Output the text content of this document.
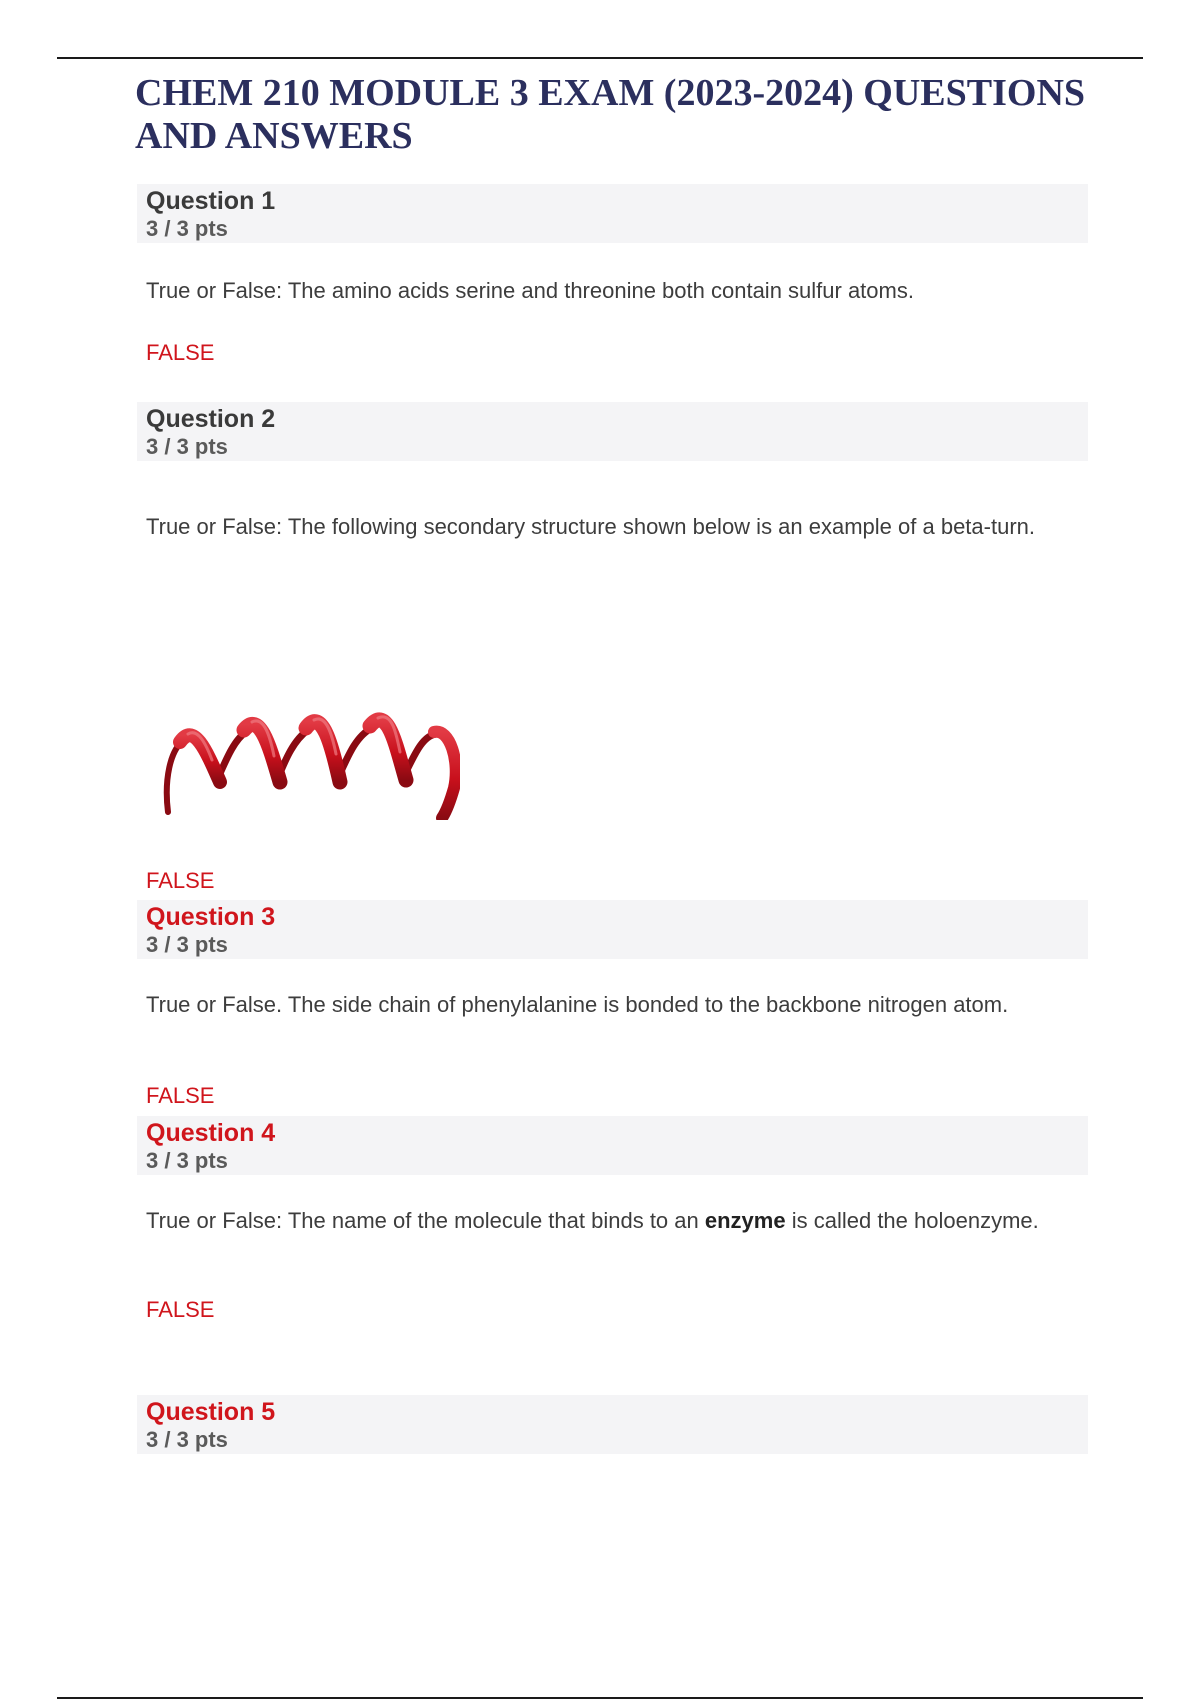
CHEM 210 MODULE 3 EXAM (2023-2024) QUESTIONS AND ANSWERS
Question 1
3 / 3 pts

True or False: The amino acids serine and threonine both contain sulfur atoms.

FALSE

Question 2
3 / 3 pts

True or False: The following secondary structure shown below is an example of a beta-turn.

FALSE

Question 3
3 / 3 pts

True or False. The side chain of phenylalanine is bonded to the backbone nitrogen atom.

FALSE

Question 4
3 / 3 pts

True or False: The name of the molecule that binds to an enzyme is called the holoenzyme.

FALSE

Question 5
3 / 3 pts
